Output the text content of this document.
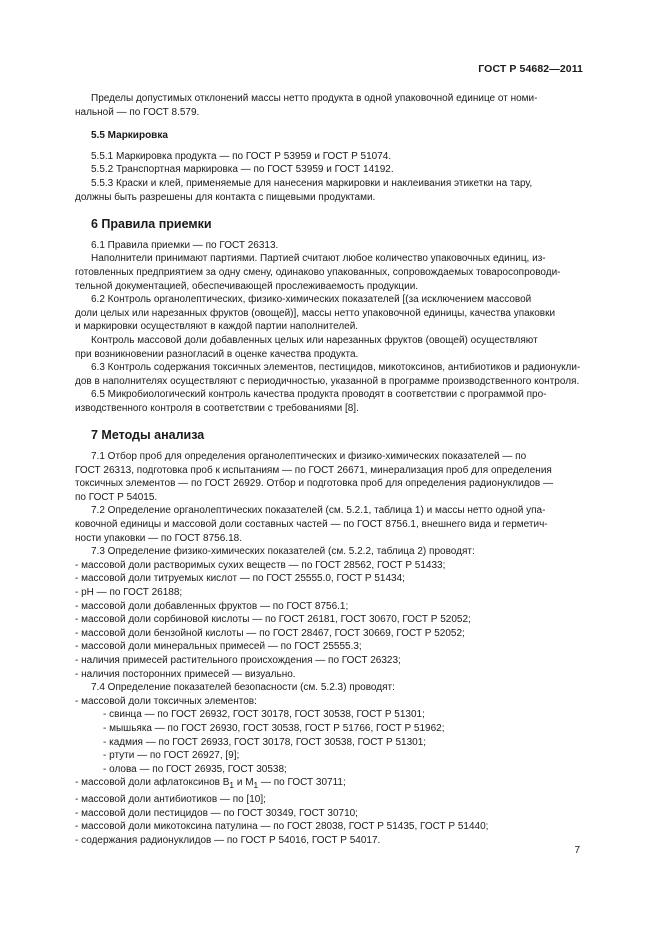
ГОСТ Р 54682—2011

Пределы допустимых отклонений массы нетто продукта в одной упаковочной единице от номи-

нальной — по ГОСТ 8.579.

5.5 Маркировка

5.5.1 Маркировка продукта — по ГОСТ Р 53959 и ГОСТ Р 51074.

5.5.2 Транспортная маркировка — по ГОСТ 53959 и ГОСТ 14192.

5.5.3 Краски и клей, применяемые для нанесения маркировки и наклеивания этикетки на тару,

должны быть разрешены для контакта с пищевыми продуктами.

6 Правила приемки

6.1 Правила приемки — по ГОСТ 26313.

Наполнители принимают партиями. Партией считают любое количество упаковочных единиц, из-

готовленных предприятием за одну смену, одинаково упакованных, сопровождаемых товаросопроводи-

тельной документацией, обеспечивающей прослеживаемость продукции.

6.2 Контроль органолептических, физико-химических показателей [(за исключением массовой

доли целых или нарезанных фруктов (овощей)], массы нетто упаковочной единицы, качества упаковки

и маркировки осуществляют в каждой партии наполнителей.

Контроль массовой доли добавленных целых или нарезанных фруктов (овощей) осуществляют

при возникновении разногласий в оценке качества продукта.

6.3 Контроль содержания токсичных элементов, пестицидов, микотоксинов, антибиотиков и радионукли-

дов в наполнителях осуществляют с периодичностью, указанной в программе производственного контроля.

6.5 Микробиологический контроль качества продукта проводят в соответствии с программой про-

изводственного контроля в соответствии с требованиями [8].

7 Методы анализа

7.1 Отбор проб для определения органолептических и физико-химических показателей — по

ГОСТ 26313, подготовка проб к испытаниям — по ГОСТ 26671, минерализация проб для определения

токсичных элементов — по ГОСТ 26929. Отбор и подготовка проб для определения радионуклидов —

по ГОСТ Р 54015.

7.2 Определение органолептических показателей (см. 5.2.1, таблица 1) и массы нетто одной упа-

ковочной единицы и массовой доли составных частей — по ГОСТ 8756.1, внешнего вида и герметич-

ности упаковки — по ГОСТ 8756.18.

7.3 Определение физико-химических показателей (см. 5.2.2, таблица 2) проводят:

- массовой доли растворимых сухих веществ — по ГОСТ 28562, ГОСТ Р 51433;

- массовой доли титруемых кислот — по ГОСТ 25555.0, ГОСТ Р 51434;

- pH — по ГОСТ 26188;

- массовой доли добавленных фруктов — по ГОСТ 8756.1;

- массовой доли сорбиновой кислоты — по ГОСТ 26181, ГОСТ 30670, ГОСТ Р 52052;

- массовой доли бензойной кислоты — по ГОСТ 28467, ГОСТ 30669, ГОСТ Р 52052;

- массовой доли минеральных примесей — по ГОСТ 25555.3;

- наличия примесей растительного происхождения — по ГОСТ 26323;

- наличия посторонних примесей — визуально.

7.4 Определение показателей безопасности (см. 5.2.3) проводят:

- массовой доли токсичных элементов:

- свинца — по ГОСТ 26932, ГОСТ 30178, ГОСТ 30538, ГОСТ Р 51301;

- мышьяка — по ГОСТ 26930, ГОСТ 30538, ГОСТ Р 51766, ГОСТ Р 51962;

- кадмия — по ГОСТ 26933, ГОСТ 30178, ГОСТ 30538, ГОСТ Р 51301;

- ртути — по ГОСТ 26927, [9];

- олова — по ГОСТ 26935, ГОСТ 30538;

- массовой доли афлатоксинов $В_1$ и $М_1$ — по ГОСТ 30711;

- массовой доли антибиотиков — по [10];

- массовой доли пестицидов — по ГОСТ 30349, ГОСТ 30710;

- массовой доли микотоксина патулина — по ГОСТ 28038, ГОСТ Р 51435, ГОСТ Р 51440;

- содержания радионуклидов — по ГОСТ Р 54016, ГОСТ Р 54017.

7
